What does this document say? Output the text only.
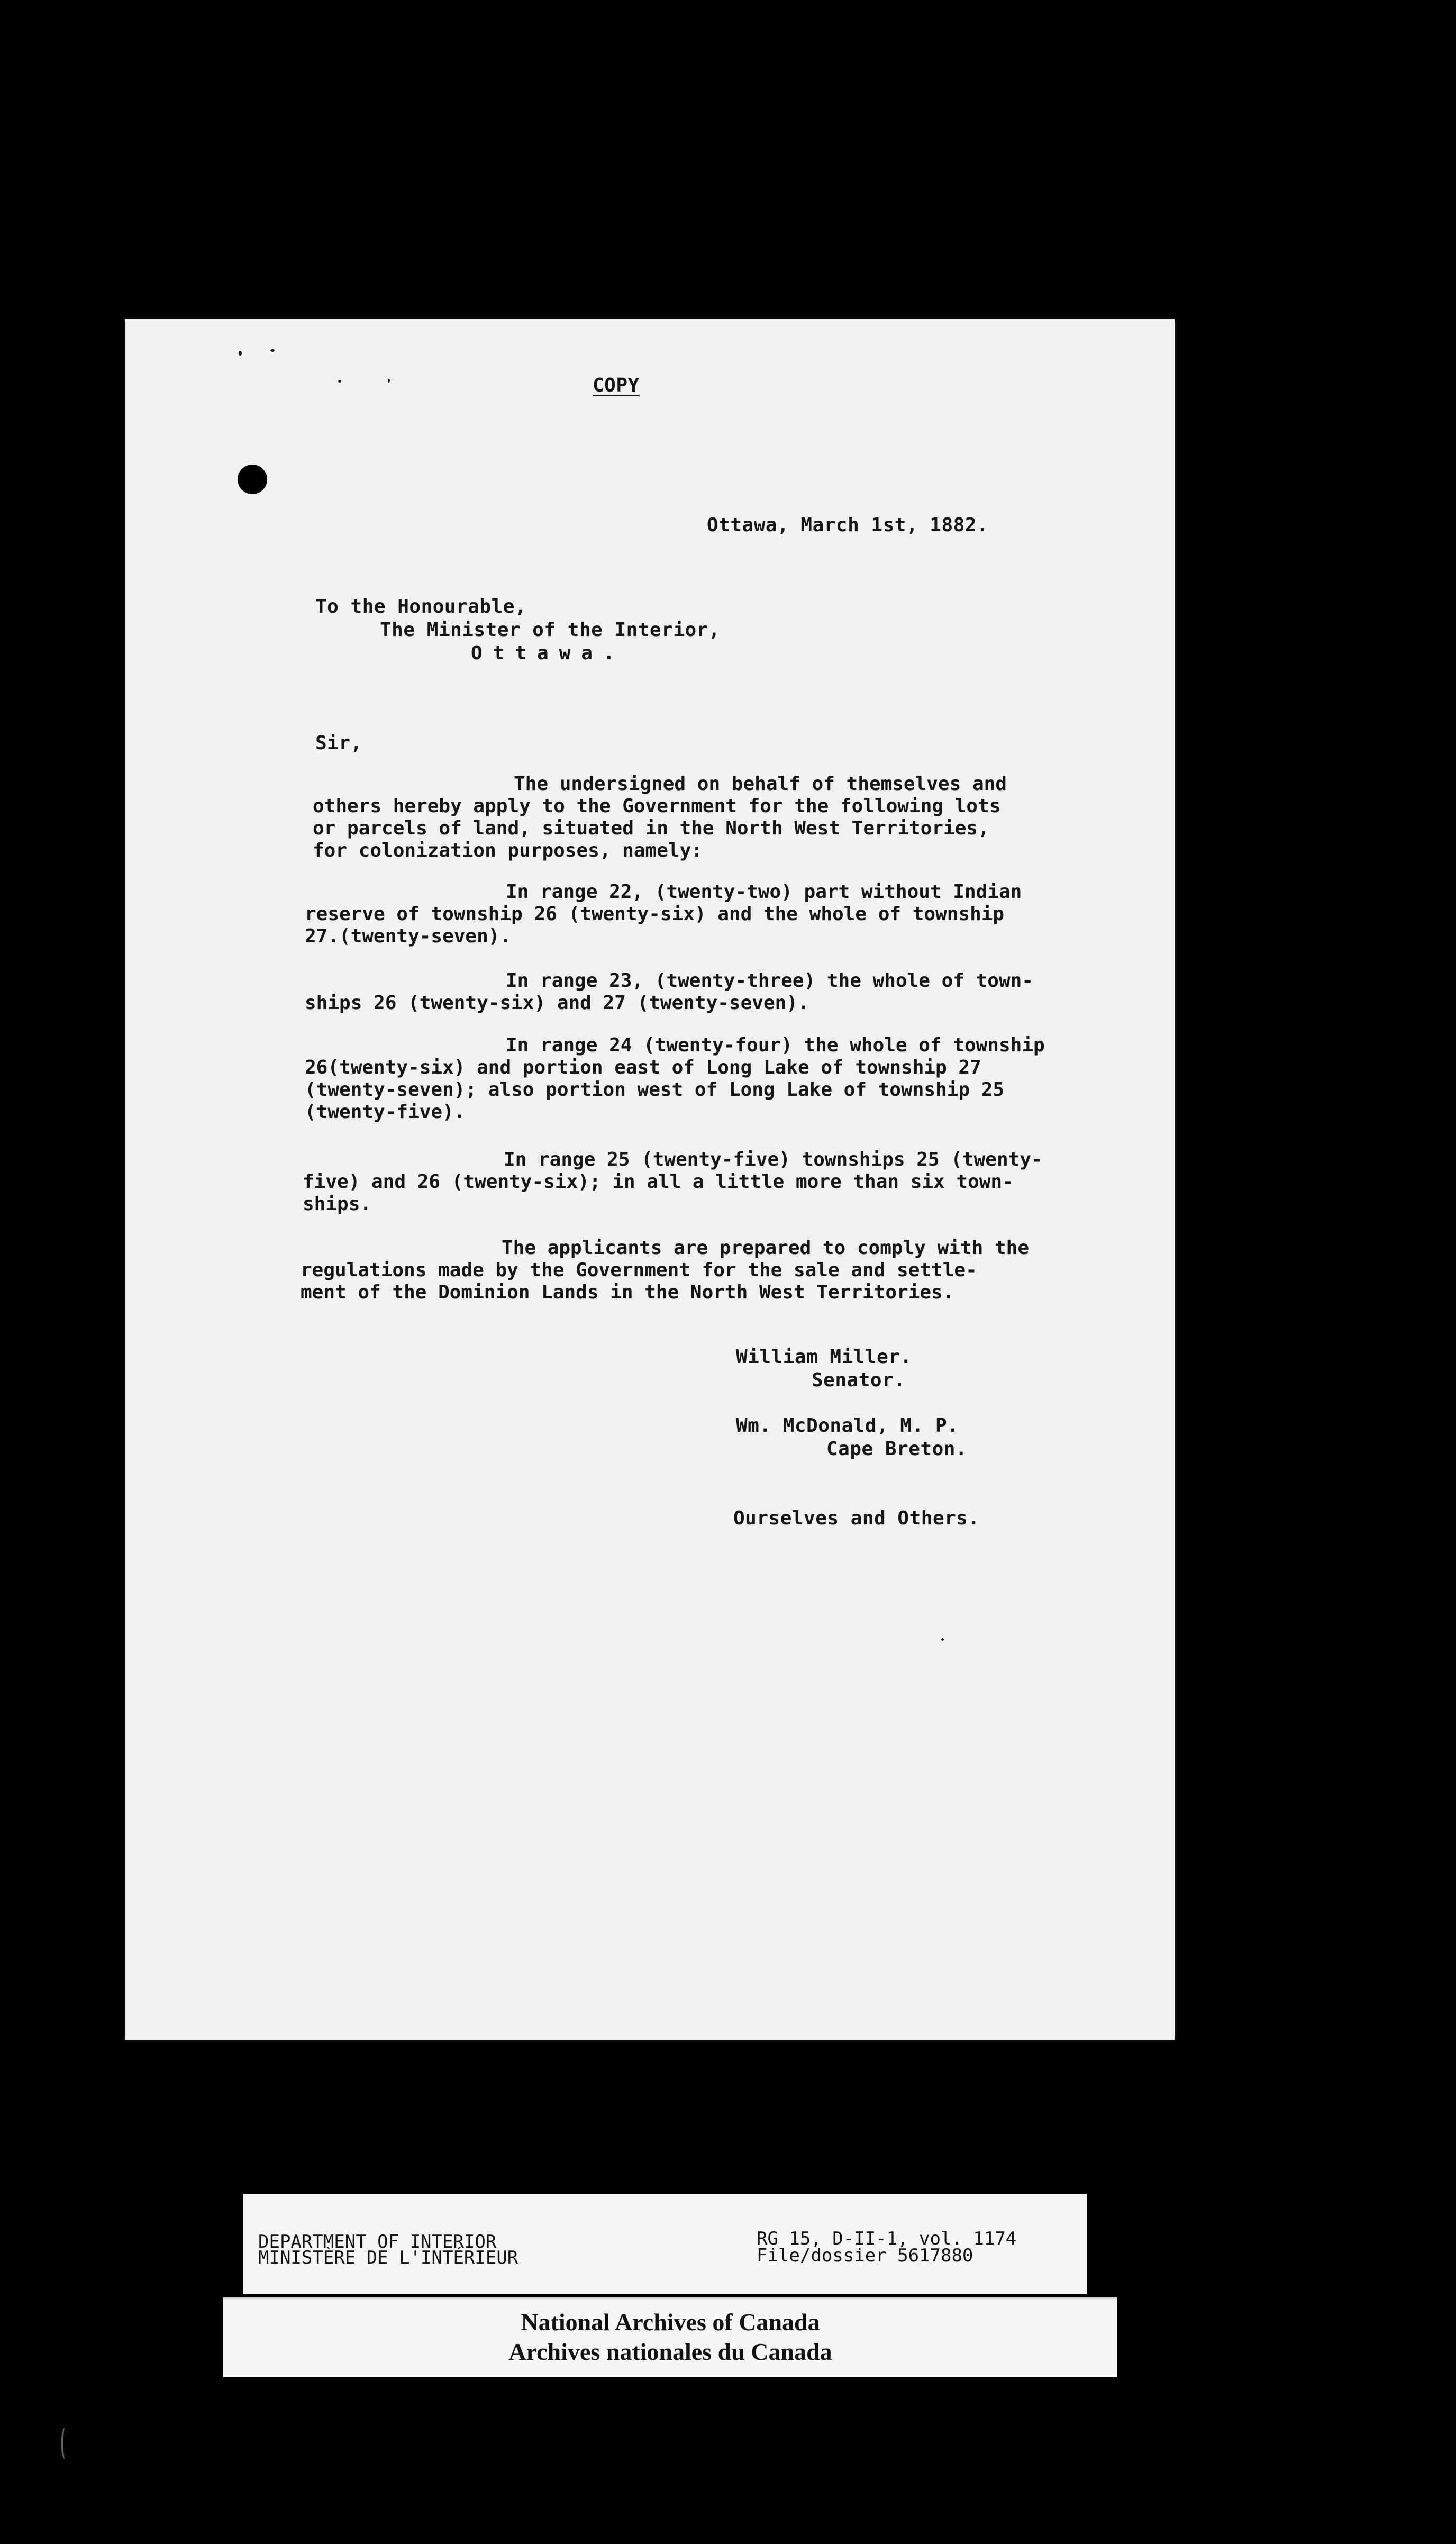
COPY
Ottawa, March 1st, 1882.
To the Honourable,
The Minister of the Interior,
Ottawa.
Sir,
The undersigned on behalf of themselves and
others hereby apply to the Government for the following lots
or parcels of land, situated in the North West Territories,
for colonization purposes, namely:
In range 22, (twenty-two) part without Indian
reserve of township 26 (twenty-six) and the whole of township
27.(twenty-seven).
In range 23, (twenty-three) the whole of town-
ships 26 (twenty-six) and 27 (twenty-seven).
In range 24 (twenty-four) the whole of township
26(twenty-six) and portion east of Long Lake of township 27
(twenty-seven); also portion west of Long Lake of township 25
(twenty-five).
In range 25 (twenty-five) townships 25 (twenty-
five) and 26 (twenty-six); in all a little more than six town-
ships.
The applicants are prepared to comply with the
regulations made by the Government for the sale and settle-
ment of the Dominion Lands in the North West Territories.
William Miller.
Senator.
Wm. McDonald, M. P.
Cape Breton.
Ourselves and Others.
DEPARTMENT OF INTERIOR
MINISTÈRE DE L'INTÉRIEUR
RG 15, D-II-1, vol. 1174
File/dossier 5617880
National Archives of Canada
Archives nationales du Canada
